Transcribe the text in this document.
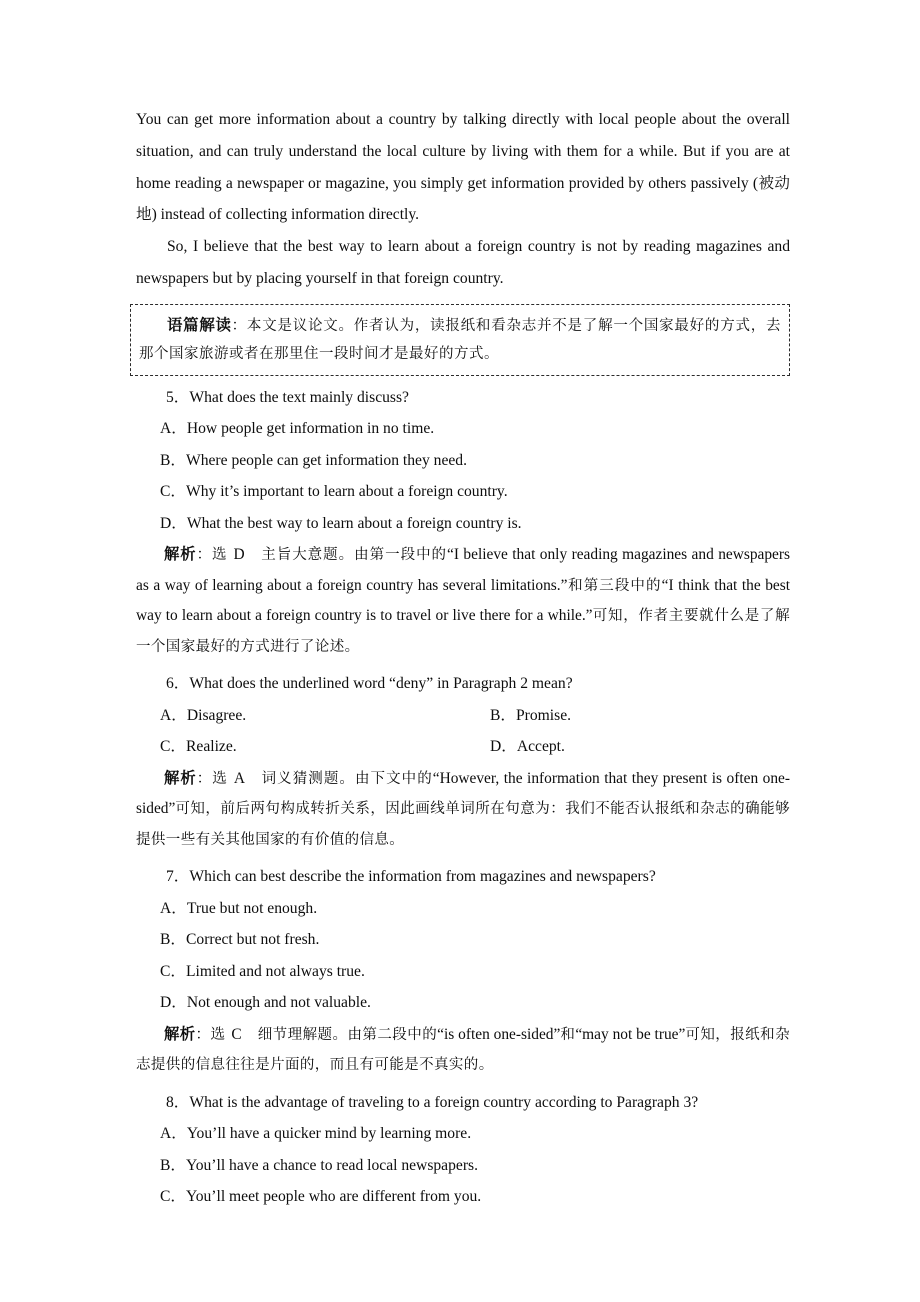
You can get more information about a country by talking directly with local people about the overall situation, and can truly understand the local culture by living with them for a while. But if you are at home reading a newspaper or magazine, you simply get information provided by others passively (被动地) instead of collecting information directly.

So, I believe that the best way to learn about a foreign country is not by reading magazines and newspapers but by placing yourself in that foreign country.

语篇解读：本文是议论文。作者认为，读报纸和看杂志并不是了解一个国家最好的方式，去那个国家旅游或者在那里住一段时间才是最好的方式。

5．What does the text mainly discuss?

A．How people get information in no time.
B．Where people can get information they need.
C．Why it’s important to learn about a foreign country.
D．What the best way to learn about a foreign country is.

解析：选 D 主旨大意题。由第一段中的“I believe that only reading magazines and newspapers as a way of learning about a foreign country has several limitations.”和第三段中的“I think that the best way to learn about a foreign country is to travel or live there for a while.”可知，作者主要就什么是了解一个国家最好的方式进行了论述。

6．What does the underlined word “deny” in Paragraph 2 mean?

A．Disagree.	B．Promise.
C．Realize.	D．Accept.

解析：选 A 词义猜测题。由下文中的“However, the information that they present is often one-sided”可知，前后两句构成转折关系，因此画线单词所在句意为：我们不能否认报纸和杂志的确能够提供一些有关其他国家的有价值的信息。

7．Which can best describe the information from magazines and newspapers?

A．True but not enough.
B．Correct but not fresh.
C．Limited and not always true.
D．Not enough and not valuable.

解析：选 C 细节理解题。由第二段中的“is often one-sided”和“may not be true”可知，报纸和杂志提供的信息往往是片面的，而且有可能是不真实的。

8．What is the advantage of traveling to a foreign country according to Paragraph 3?

A．You’ll have a quicker mind by learning more.
B．You’ll have a chance to read local newspapers.
C．You’ll meet people who are different from you.
